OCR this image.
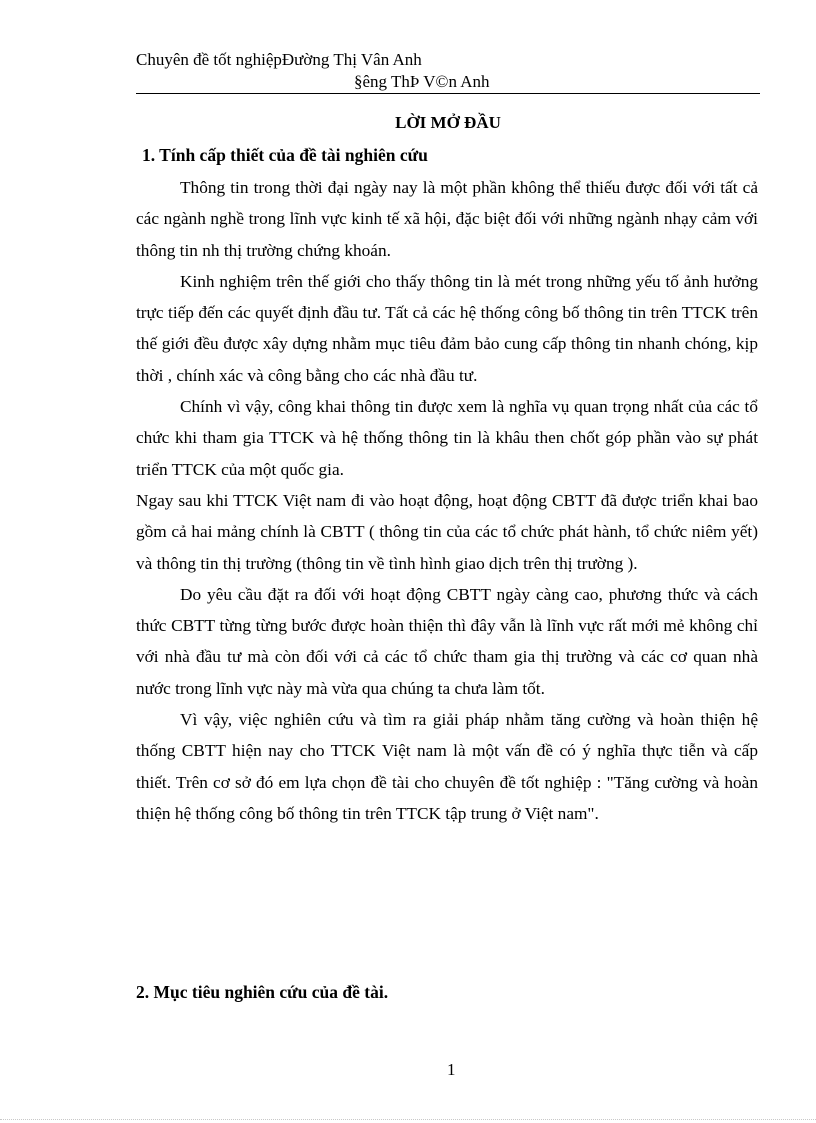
Chuyên đề tốt nghiệpĐường Thị Vân Anh
§êng ThÞ V©n Anh
LỜI MỞ ĐẦU
1. Tính cấp thiết của đề tài nghiên cứu

Thông tin trong thời đại ngày nay là một phần không thể thiếu được đối với tất cả các ngành nghề trong lĩnh vực kinh tế xã hội, đặc biệt đối với những ngành nhạy cảm với thông tin nh thị trường chứng khoán.

Kinh nghiệm trên thế giới cho thấy thông tin là mét trong những yếu tố ảnh hưởng trực tiếp đến các quyết định đầu tư. Tất cả các hệ thống công bố thông tin trên TTCK trên thế giới đều được xây dựng nhằm mục tiêu đảm bảo cung cấp thông tin nhanh chóng, kịp thời , chính xác và công bằng cho các nhà đầu tư.

Chính vì vậy, công khai thông tin được xem là nghĩa vụ quan trọng nhất của các tổ chức khi tham gia TTCK và hệ thống thông tin là khâu then chốt góp phần vào sự phát triển TTCK của một quốc gia.

Ngay sau khi TTCK Việt nam đi vào hoạt động, hoạt động CBTT đã được triển khai bao gồm cả hai mảng chính là CBTT ( thông tin của các tổ chức phát hành, tổ chức niêm yết) và thông tin thị trường (thông tin về tình hình giao dịch trên thị trường ).

Do yêu cầu đặt ra đối với hoạt động CBTT ngày càng cao, phương thức và cách thức CBTT từng từng bước được hoàn thiện thì đây vẫn là lĩnh vực rất mới mẻ không chỉ với nhà đầu tư mà còn đối với cả các tổ chức tham gia thị trường và các cơ quan nhà nước trong lĩnh vực này mà vừa qua chúng ta chưa làm tốt.

Vì vậy, việc nghiên cứu và tìm ra giải pháp nhằm tăng cường và hoàn thiện hệ thống CBTT hiện nay cho TTCK Việt nam là một vấn đề có ý nghĩa thực tiễn và cấp thiết. Trên cơ sở đó em lựa chọn đề tài cho chuyên đề tốt nghiệp : "Tăng cường và hoàn thiện hệ thống công bố thông tin trên TTCK tập trung ở Việt nam".

2. Mục tiêu nghiên cứu của đề tài.
1
